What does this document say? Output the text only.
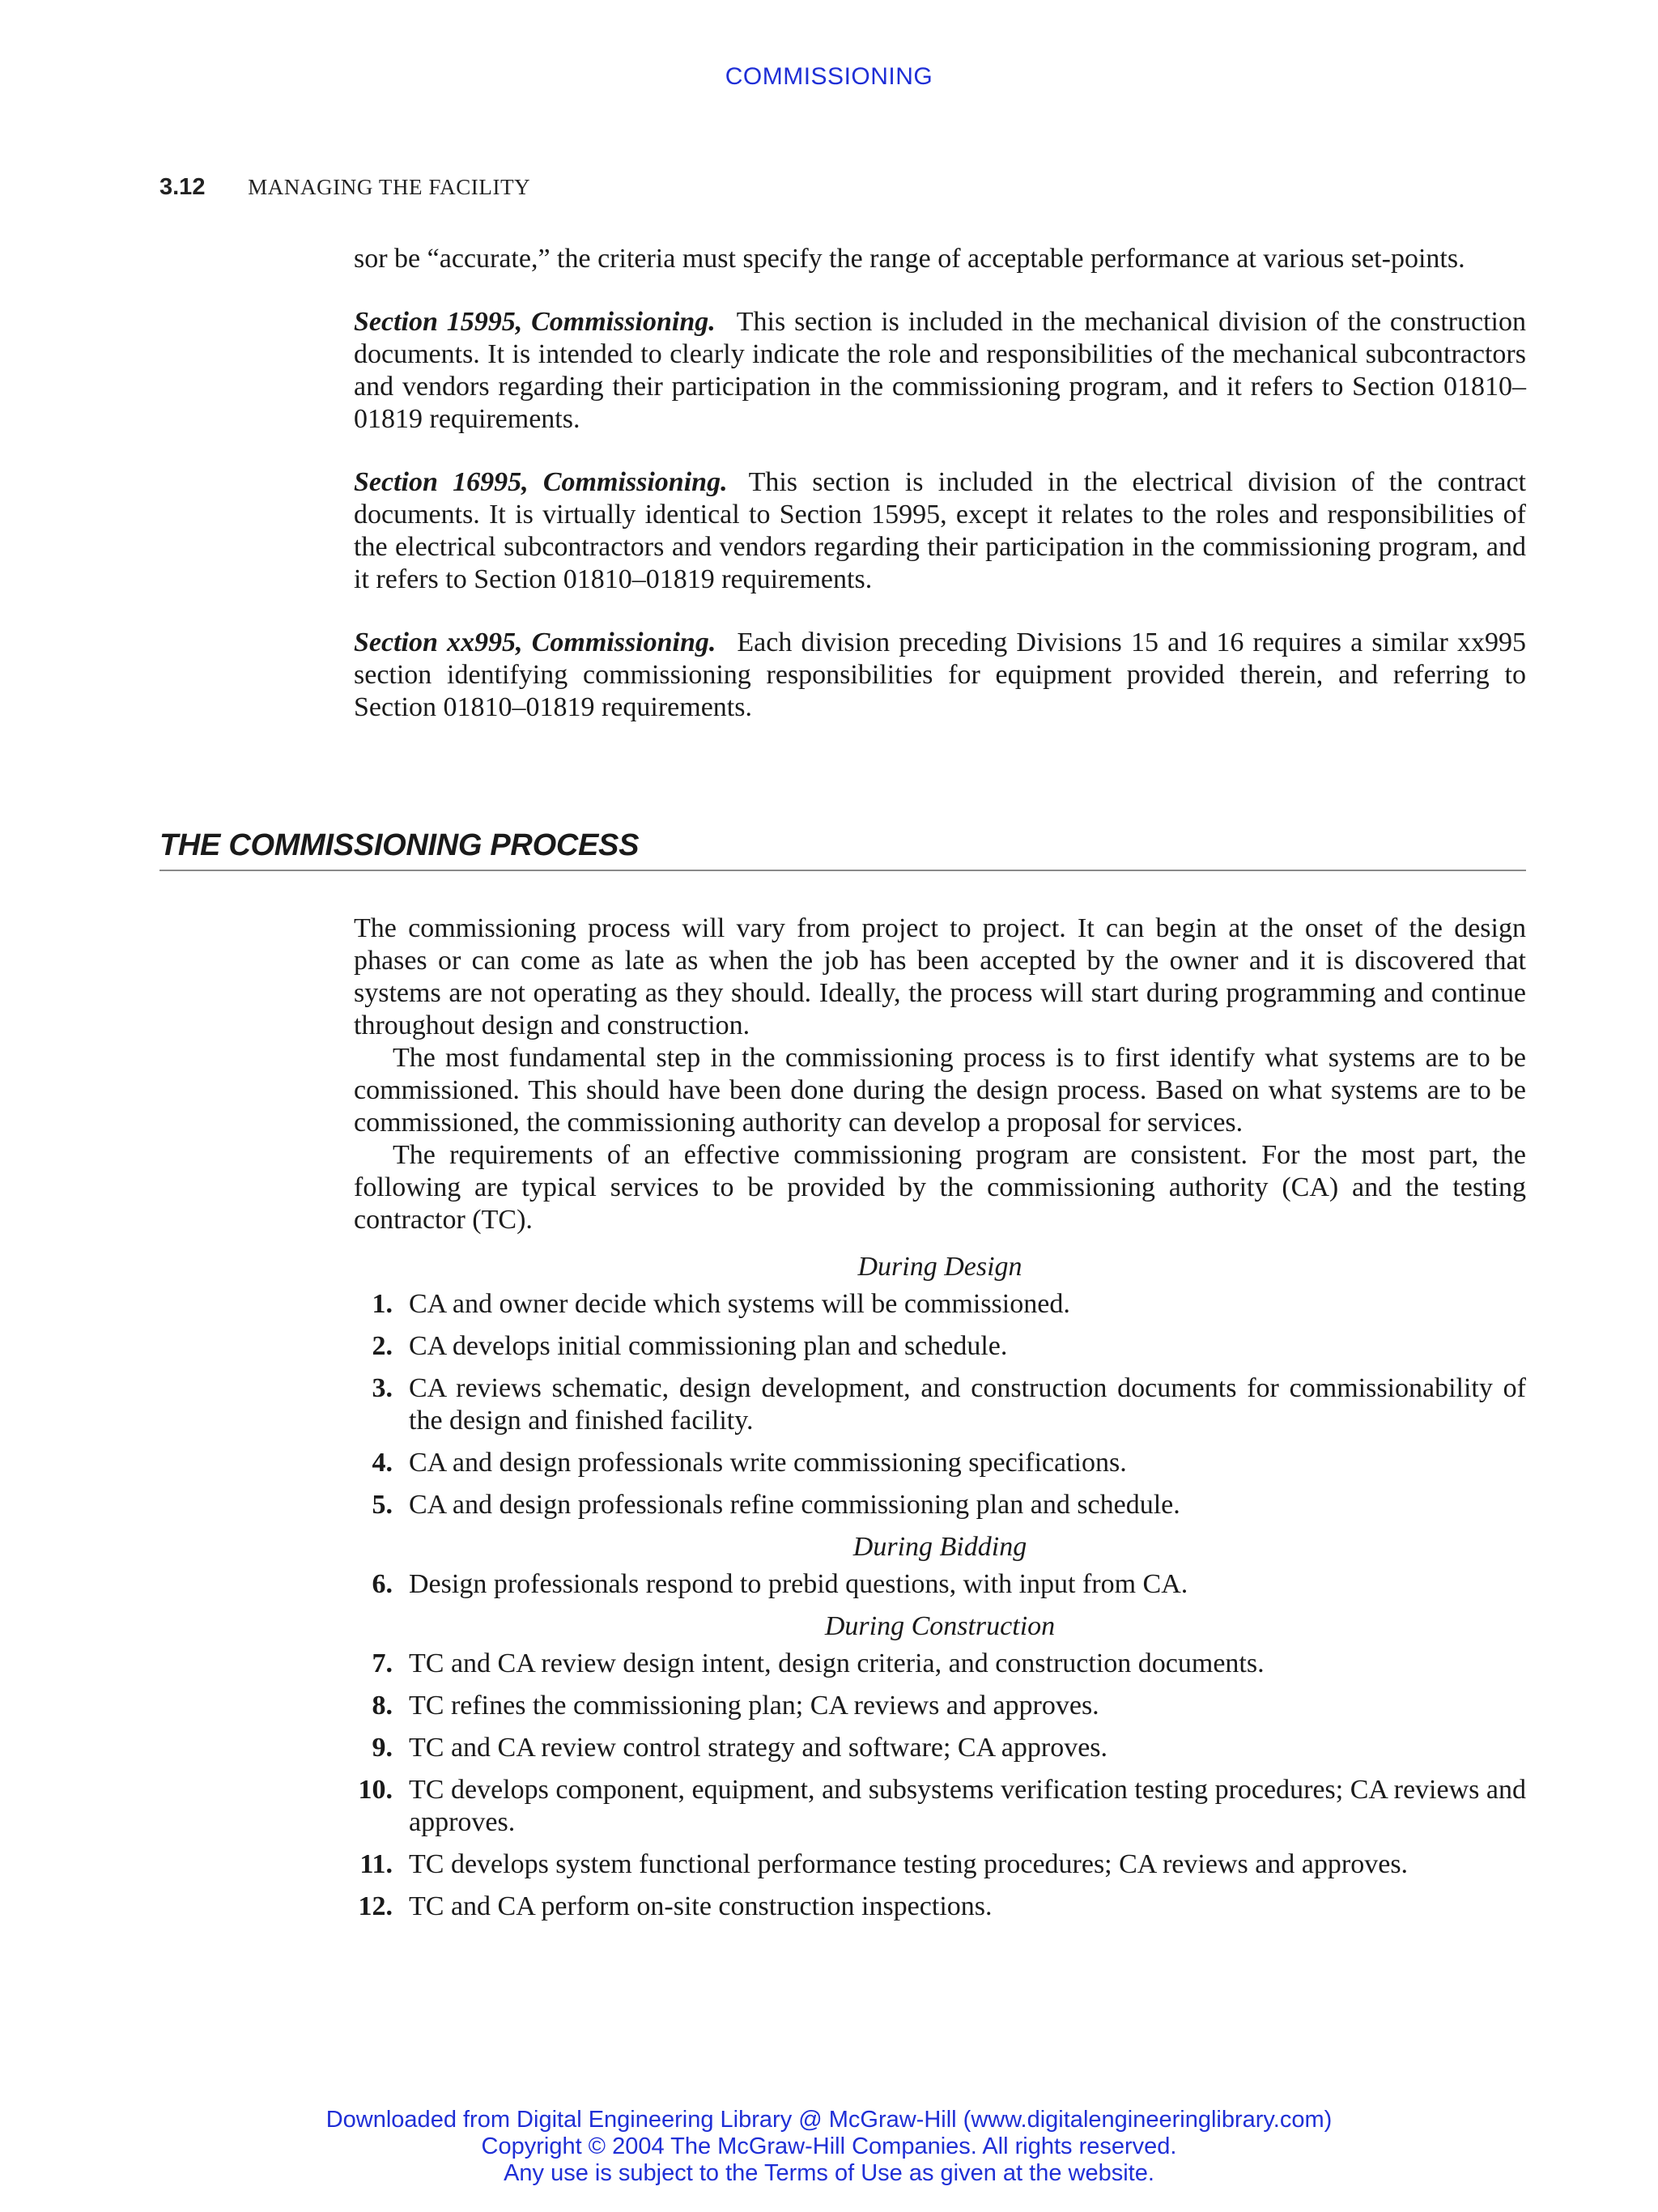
COMMISSIONING
3.12 MANAGING THE FACILITY

sor be “accurate,” the criteria must specify the range of acceptable performance at various set-points.

Section 15995, Commissioning. This section is included in the mechanical division of the construction documents. It is intended to clearly indicate the role and responsibilities of the mechanical subcontractors and vendors regarding their participation in the commissioning program, and it refers to Section 01810–01819 requirements.

Section 16995, Commissioning. This section is included in the electrical division of the contract documents. It is virtually identical to Section 15995, except it relates to the roles and responsibilities of the electrical subcontractors and vendors regarding their participation in the commissioning program, and it refers to Section 01810–01819 requirements.

Section xx995, Commissioning. Each division preceding Divisions 15 and 16 requires a similar xx995 section identifying commissioning responsibilities for equipment provided therein, and referring to Section 01810–01819 requirements.

THE COMMISSIONING PROCESS

The commissioning process will vary from project to project. It can begin at the onset of the design phases or can come as late as when the job has been accepted by the owner and it is discovered that systems are not operating as they should. Ideally, the process will start during programming and continue throughout design and construction.

The most fundamental step in the commissioning process is to first identify what systems are to be commissioned. This should have been done during the design process. Based on what systems are to be commissioned, the commissioning authority can develop a proposal for services.

The requirements of an effective commissioning program are consistent. For the most part, the following are typical services to be provided by the commissioning authority (CA) and the testing contractor (TC).

During Design
1. CA and owner decide which systems will be commissioned.
2. CA develops initial commissioning plan and schedule.
3. CA reviews schematic, design development, and construction documents for commissionability of the design and finished facility.
4. CA and design professionals write commissioning specifications.
5. CA and design professionals refine commissioning plan and schedule.
During Bidding
6. Design professionals respond to prebid questions, with input from CA.
During Construction
7. TC and CA review design intent, design criteria, and construction documents.
8. TC refines the commissioning plan; CA reviews and approves.
9. TC and CA review control strategy and software; CA approves.
10. TC develops component, equipment, and subsystems verification testing procedures; CA reviews and approves.
11. TC develops system functional performance testing procedures; CA reviews and approves.
12. TC and CA perform on-site construction inspections.
Downloaded from Digital Engineering Library @ McGraw-Hill (www.digitalengineeringlibrary.com)
Copyright © 2004 The McGraw-Hill Companies. All rights reserved.
Any use is subject to the Terms of Use as given at the website.
